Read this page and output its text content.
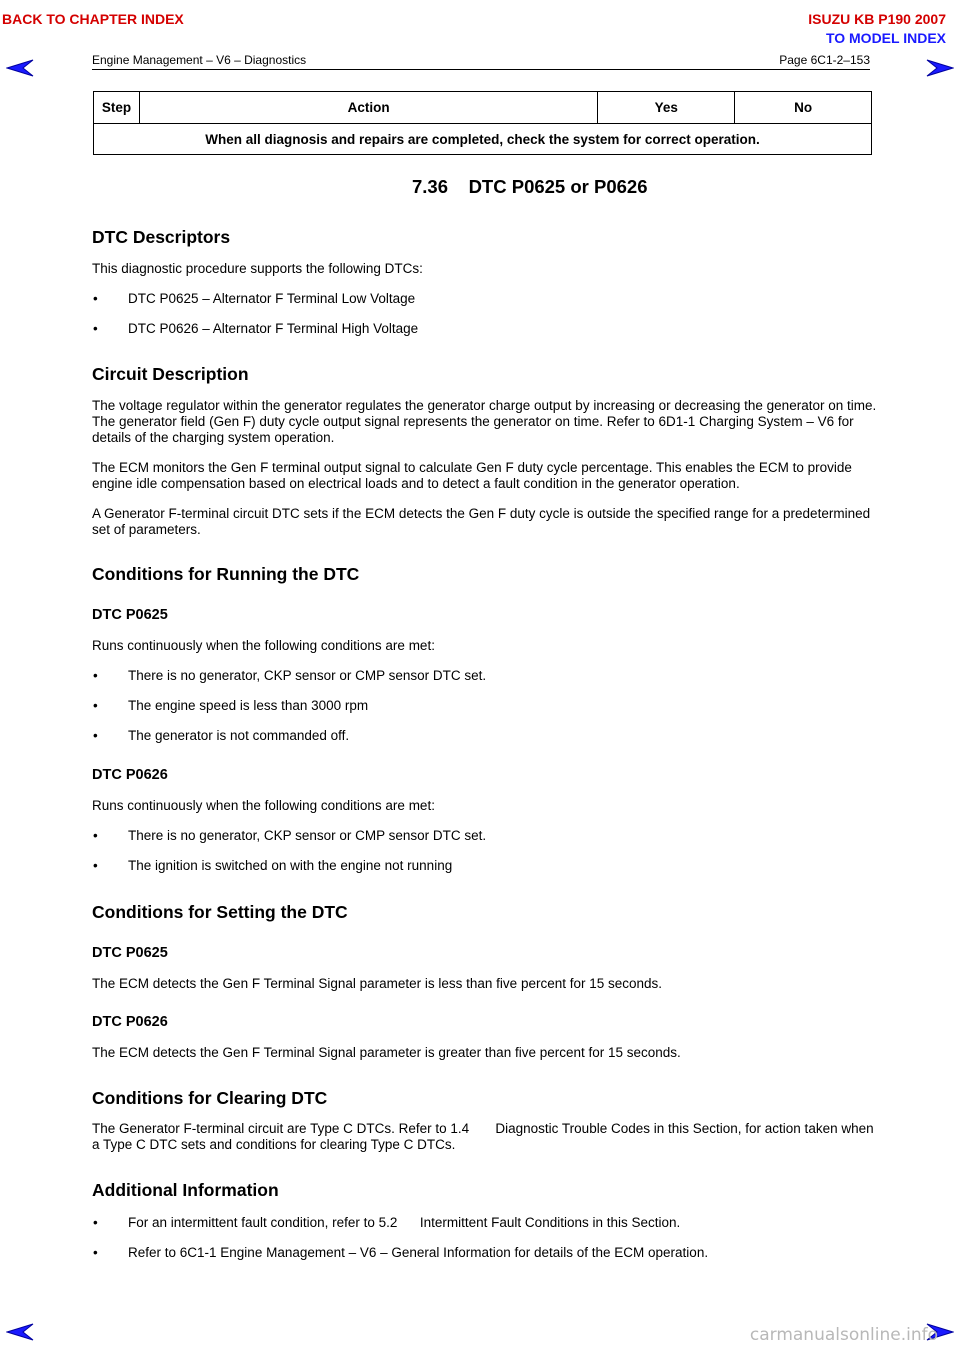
BACK TO CHAPTER INDEX	ISUZU KB P190 2007
TO MODEL INDEX
Engine Management – V6 – Diagnostics	Page 6C1-2–153
Step	Action	Yes	No
When all diagnosis and repairs are completed, check the system for correct operation.
7.36    DTC P0625 or P0626
DTC Descriptors
This diagnostic procedure supports the following DTCs:
• DTC P0625 – Alternator F Terminal Low Voltage
• DTC P0626 – Alternator F Terminal High Voltage
Circuit Description
The voltage regulator within the generator regulates the generator charge output by increasing or decreasing the generator on time. The generator field (Gen F) duty cycle output signal represents the generator on time. Refer to 6D1-1 Charging System – V6 for details of the charging system operation.
The ECM monitors the Gen F terminal output signal to calculate Gen F duty cycle percentage. This enables the ECM to provide engine idle compensation based on electrical loads and to detect a fault condition in the generator operation.
A Generator F-terminal circuit DTC sets if the ECM detects the Gen F duty cycle is outside the specified range for a predetermined set of parameters.
Conditions for Running the DTC
DTC P0625
Runs continuously when the following conditions are met:
• There is no generator, CKP sensor or CMP sensor DTC set.
• The engine speed is less than 3000 rpm
• The generator is not commanded off.
DTC P0626
Runs continuously when the following conditions are met:
• There is no generator, CKP sensor or CMP sensor DTC set.
• The ignition is switched on with the engine not running
Conditions for Setting the DTC
DTC P0625
The ECM detects the Gen F Terminal Signal parameter is less than five percent for 15 seconds.
DTC P0626
The ECM detects the Gen F Terminal Signal parameter is greater than five percent for 15 seconds.
Conditions for Clearing DTC
The Generator F-terminal circuit are Type C DTCs. Refer to 1.4       Diagnostic Trouble Codes in this Section, for action taken when a Type C DTC sets and conditions for clearing Type C DTCs.
Additional Information
• For an intermittent fault condition, refer to 5.2      Intermittent Fault Conditions in this Section.
• Refer to 6C1-1 Engine Management – V6 – General Information for details of the ECM operation.
carmanualsonline.info
